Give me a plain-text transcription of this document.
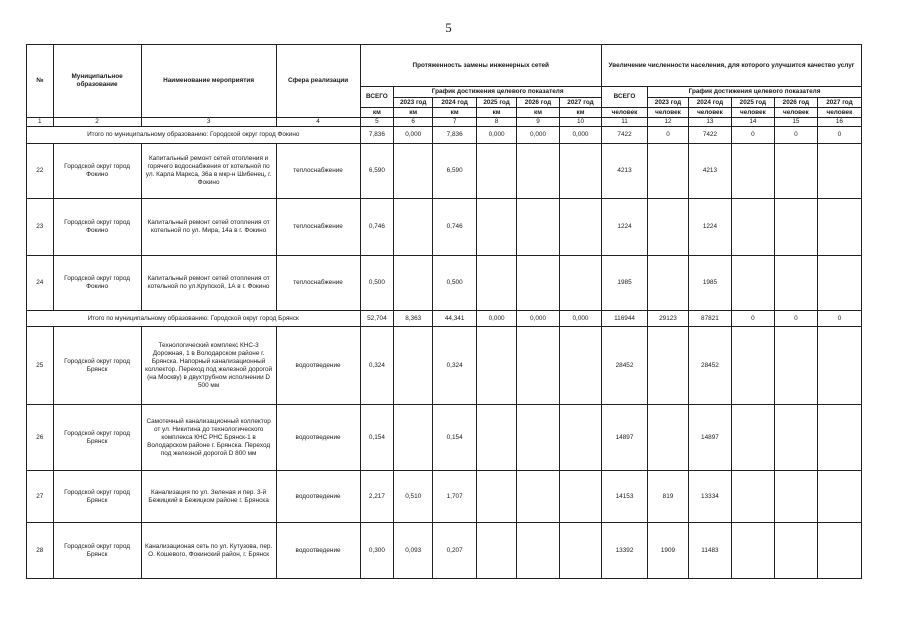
5
№	Муниципальное образование	Наименование мероприятия	Сфера реализации	Протяженность замены инженерных сетей						Увеличение численности населения, для которого улучшится качество услуг					
				ВСЕГО	График достижения целевого показателя					ВСЕГО	График достижения целевого показателя				
					2023 год	2024 год	2025 год	2026 год	2027 год		2023 год	2024 год	2025 год	2026 год	2027 год
				км	км	км	км	км	км	человек	человек	человек	человек	человек	человек
1	2	3	4	5	6	7	8	9	10	11	12	13	14	15	16
Итого по муниципальному образованию: Городской округ город Фокино				7,836	0,000	7,836	0,000	0,000	0,000	7422	0	7422	0	0	0
22	Городской округ город Фокино	Капитальный ремонт сетей отопления и горячего водоснабжения от котельной по ул. Карла Маркса, 36а в мкр-н Шибенец, г. Фокино	теплоснабжение	6,590		6,590				4213		4213			
23	Городской округ город Фокино	Капитальный ремонт сетей отопления от котельной по ул. Мира, 14а в г. Фокино	теплоснабжение	0,746		0,746				1224		1224			
24	Городской округ город Фокино	Капитальный ремонт сетей отопления от котельной по ул.Крупской, 1А в г. Фокино	теплоснабжение	0,500		0,500				1985		1985			
Итого по муниципальному образованию: Городской округ город Брянск				52,704	8,363	44,341	0,000	0,000	0,000	116944	29123	87821	0	0	0
25	Городской округ город Брянск	Технологический комплекс КНС-3 Дорожная, 1 в Володарском районе г. Брянска. Напорный канализационный коллектор. Переход под железной дорогой (на Москву) в двухтрубном исполнении D 500 мм	водоотведение	0,324		0,324				28452		28452			
26	Городской округ город Брянск	Самотечный канализационный коллектор от ул. Никитина до технологического комплекса КНС РНС Брянск-1 в Володарском районе г. Брянска. Переход под железной дорогой D 800 мм	водоотведение	0,154		0,154				14897		14897			
27	Городской округ город Брянск	Канализация по ул. Зеленая и пер. 3-й Бежицкий в Бежицком районе г. Брянска	водоотведение	2,217	0,510	1,707				14153	819	13334			
28	Городской округ город Брянск	Канализационая сеть по ул. Кутузова, пер. О. Кошевого, Фокинский район, г. Брянск	водоотведение	0,300	0,093	0,207				13392	1909	11483			
